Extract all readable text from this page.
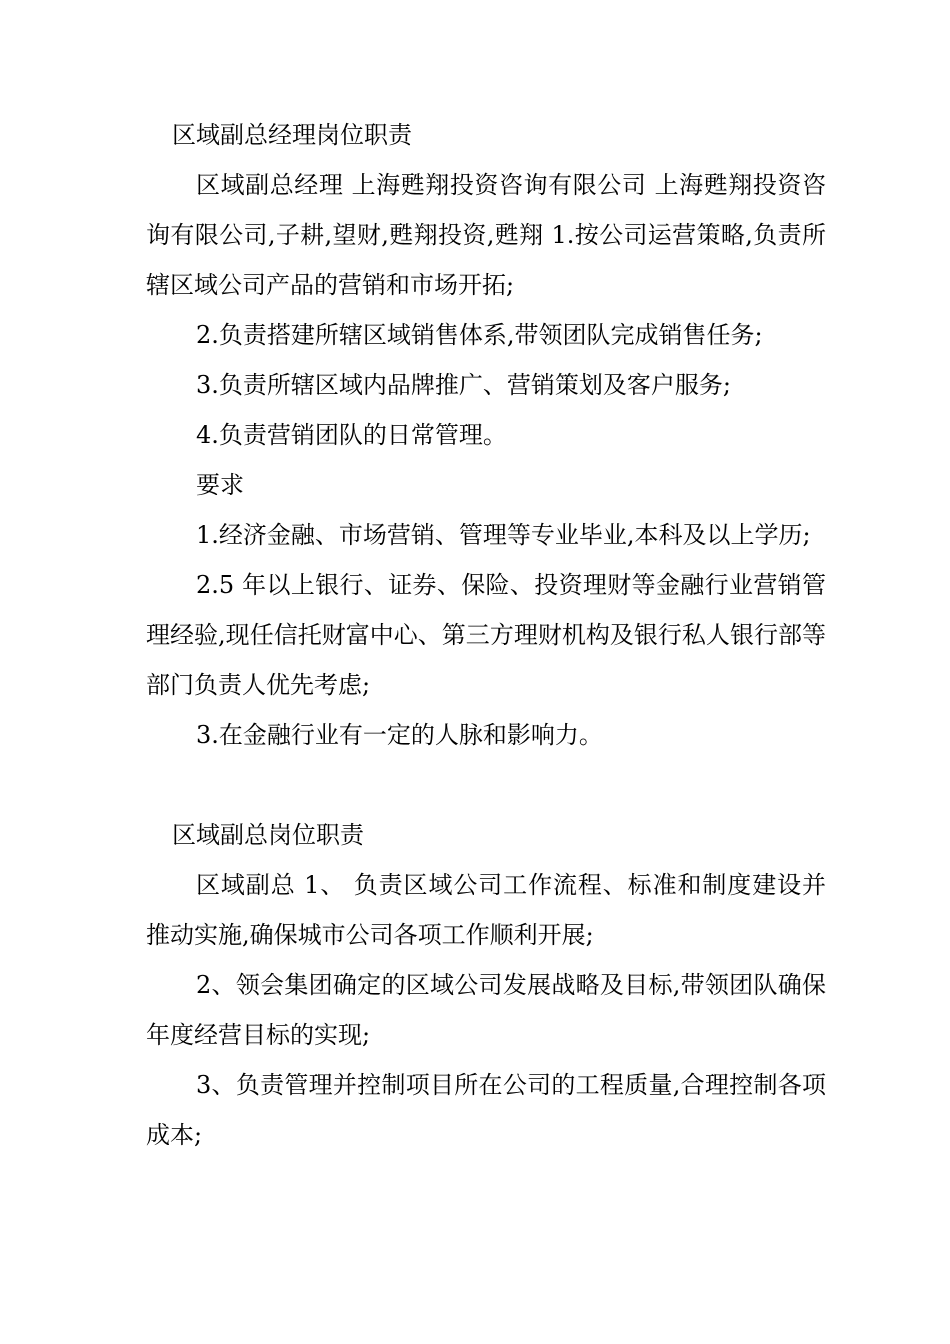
区域副总经理岗位职责

区域副总经理 上海甦翔投资咨询有限公司 上海甦翔投资咨询有限公司,子耕,望财,甦翔投资,甦翔 1.按公司运营策略,负责所辖区域公司产品的营销和市场开拓;

2.负责搭建所辖区域销售体系,带领团队完成销售任务;

3.负责所辖区域内品牌推广、营销策划及客户服务;

4.负责营销团队的日常管理。

要求

1.经济金融、市场营销、管理等专业毕业,本科及以上学历;

2.5 年以上银行、证券、保险、投资理财等金融行业营销管理经验,现任信托财富中心、第三方理财机构及银行私人银行部等部门负责人优先考虑;

3.在金融行业有一定的人脉和影响力。

区域副总岗位职责

区域副总 1、 负责区域公司工作流程、标准和制度建设并推动实施,确保城市公司各项工作顺利开展;

2、领会集团确定的区域公司发展战略及目标,带领团队确保年度经营目标的实现;

3、负责管理并控制项目所在公司的工程质量,合理控制各项成本;
